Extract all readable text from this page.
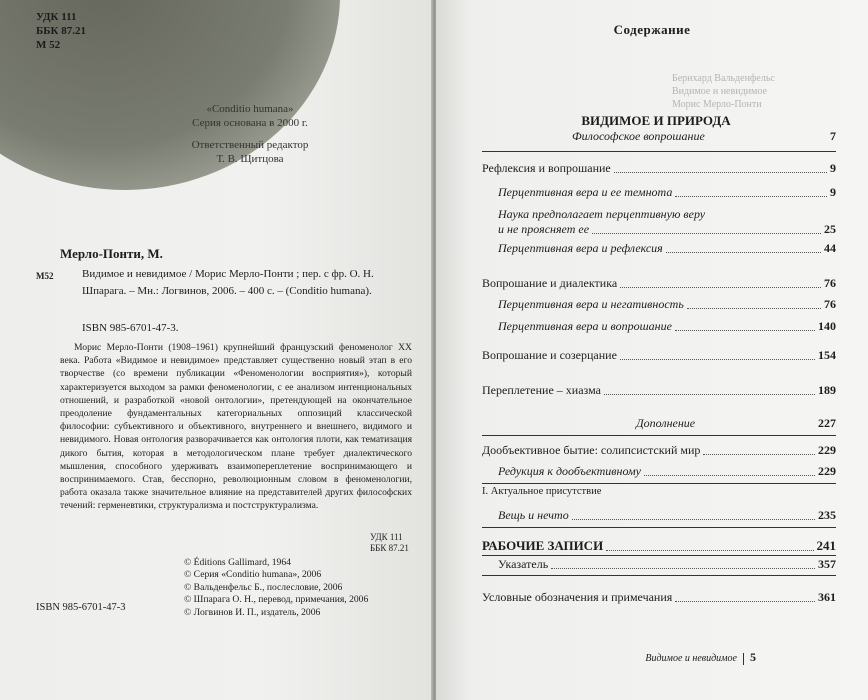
УДК 111
ББК 87.21
М 52
«Conditio humana»
Серия основана в 2000 г.
Ответственный редактор
Т. В. Щитцова
Мерло-Понти, М.
М52	Видимое и невидимое / Морис Мерло-Понти ; пер. с фр. О. Н. Шпарага. – Мн.: Логвинов, 2006. – 400 с. – (Conditio humana).
ISBN 985-6701-47-3.
Морис Мерло-Понти (1908–1961) крупнейший французский феноменолог XX века. Работа «Видимое и невидимое» представляет существенно новый этап в его творчестве (со времени публикации «Феноменологии восприятия»), который характеризуется выходом за рамки феноменологии, с ее анализом интенциональных отношений, и разработкой «новой онтологии», претендующей на окончательное преодоление фундаментальных категориальных оппозиций классической философии: субъективного и объективного, внутреннего и внешнего, видимого и невидимого. Новая онтология разворачивается как онтология плоти, как тематизация дикого бытия, которая в методологическом плане требует диалектического мышления, способного удерживать взаимопереплетение воспринимающего и воспринимаемого. Став, бесспорно, революционным словом в феноменологии, работа оказала также значительное влияние на представителей других философских течений: герменевтики, структурализма и постструктурализма.
УДК 111
ББК 87.21
© Éditions Gallimard, 1964
© Серия «Conditio humana», 2006
© Вальденфельс Б., послесловие, 2006
© Шпарага О. Н., перевод, примечания, 2006
© Логвинов И. П., издатель, 2006
ISBN 985-6701-47-3
Содержание
Бернхард Вальденфельс
Видимое и невидимое
Морис Мерло-Понти
ВИДИМОЕ И ПРИРОДА
Философское вопрошание	7
Рефлексия и вопрошание	9
Перцептивная вера и ее темнота	9
Наука предполагает перцептивную веру
и не проясняет ее	25
Перцептивная вера и рефлексия	44
Вопрошание и диалектика	76
Перцептивная вера и негативность	76
Перцептивная вера и вопрошание	140
Вопрошание и созерцание	154
Переплетение – хиазма	189
Дополнение	227
Дообъективное бытие: солипсистский мир	229
Редукция к дообъективному	229
I. Актуальное присутствие
Вещь и нечто	235
РАБОЧИЕ ЗАПИСИ	241
Указатель	357
Условные обозначения и примечания	361
Видимое и невидимое 5
